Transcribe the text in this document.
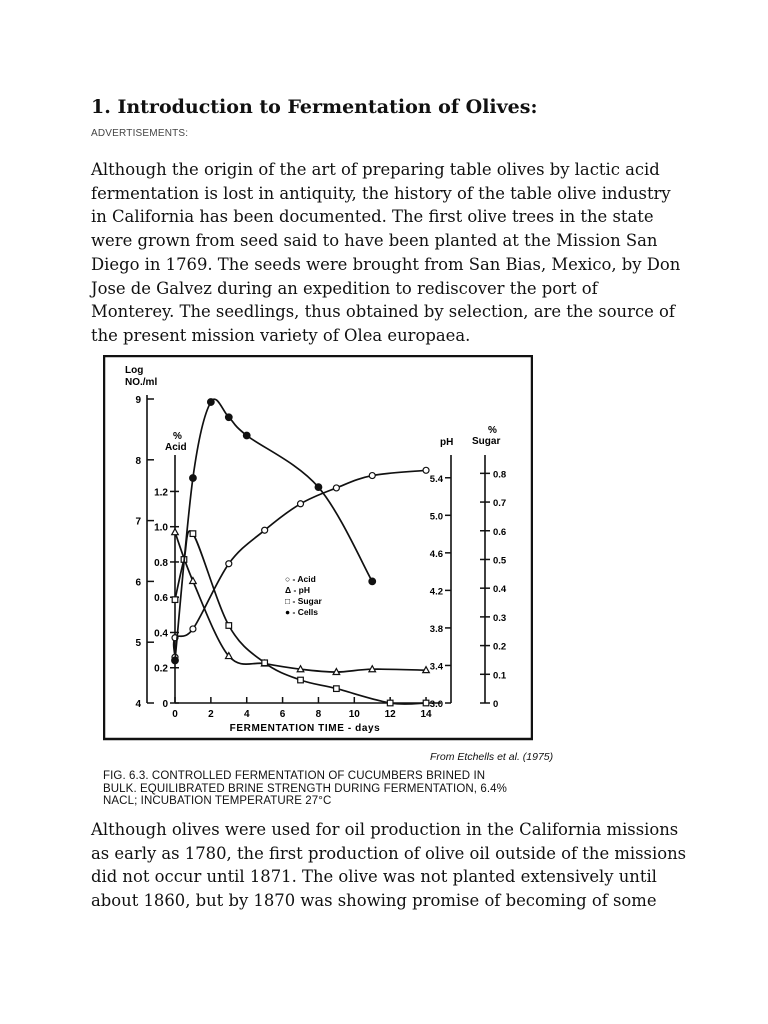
1. Introduction to Fermentation of Olives:
ADVERTISEMENTS:
Although the origin of the art of preparing table olives by lactic acid
fermentation is lost in antiquity, the history of the table olive industry
in California has been documented. The first olive trees in the state
were grown from seed said to have been planted at the Mission San
Diego in 1769. The seeds were brought from San Bias, Mexico, by Don
Jose de Galvez during an expedition to rediscover the port of
Monterey. The seedlings, thus obtained by selection, are the source of
the present mission variety of Olea europaea.
Log
NO./ml
%
Acid	pH
%
Sugar
4
5
6
7
8
9
0
0.2
0.4
0.6
0.8
1.0
1.2
3.0
3.4
3.8
4.2
4.6
5.0
5.4
0
0.1
0.2
0.3
0.4
0.5
0.6
0.7
0.8
0	2	4	6	8	10 12 14
FERMENTATION TIME - days
○ - Acid
Δ - pH
□ - Sugar
● - Cells
From Etchells et al. (1975)
FIG. 6.3. CONTROLLED FERMENTATION OF CUCUMBERS BRINED IN
BULK. EQUILIBRATED BRINE STRENGTH DURING FERMENTATION, 6.4%
NACL; INCUBATION TEMPERATURE 27°C
Although olives were used for oil production in the California missions
as early as 1780, the first production of olive oil outside of the missions
did not occur until 1871. The olive was not planted extensively until
about 1860, but by 1870 was showing promise of becoming of some
